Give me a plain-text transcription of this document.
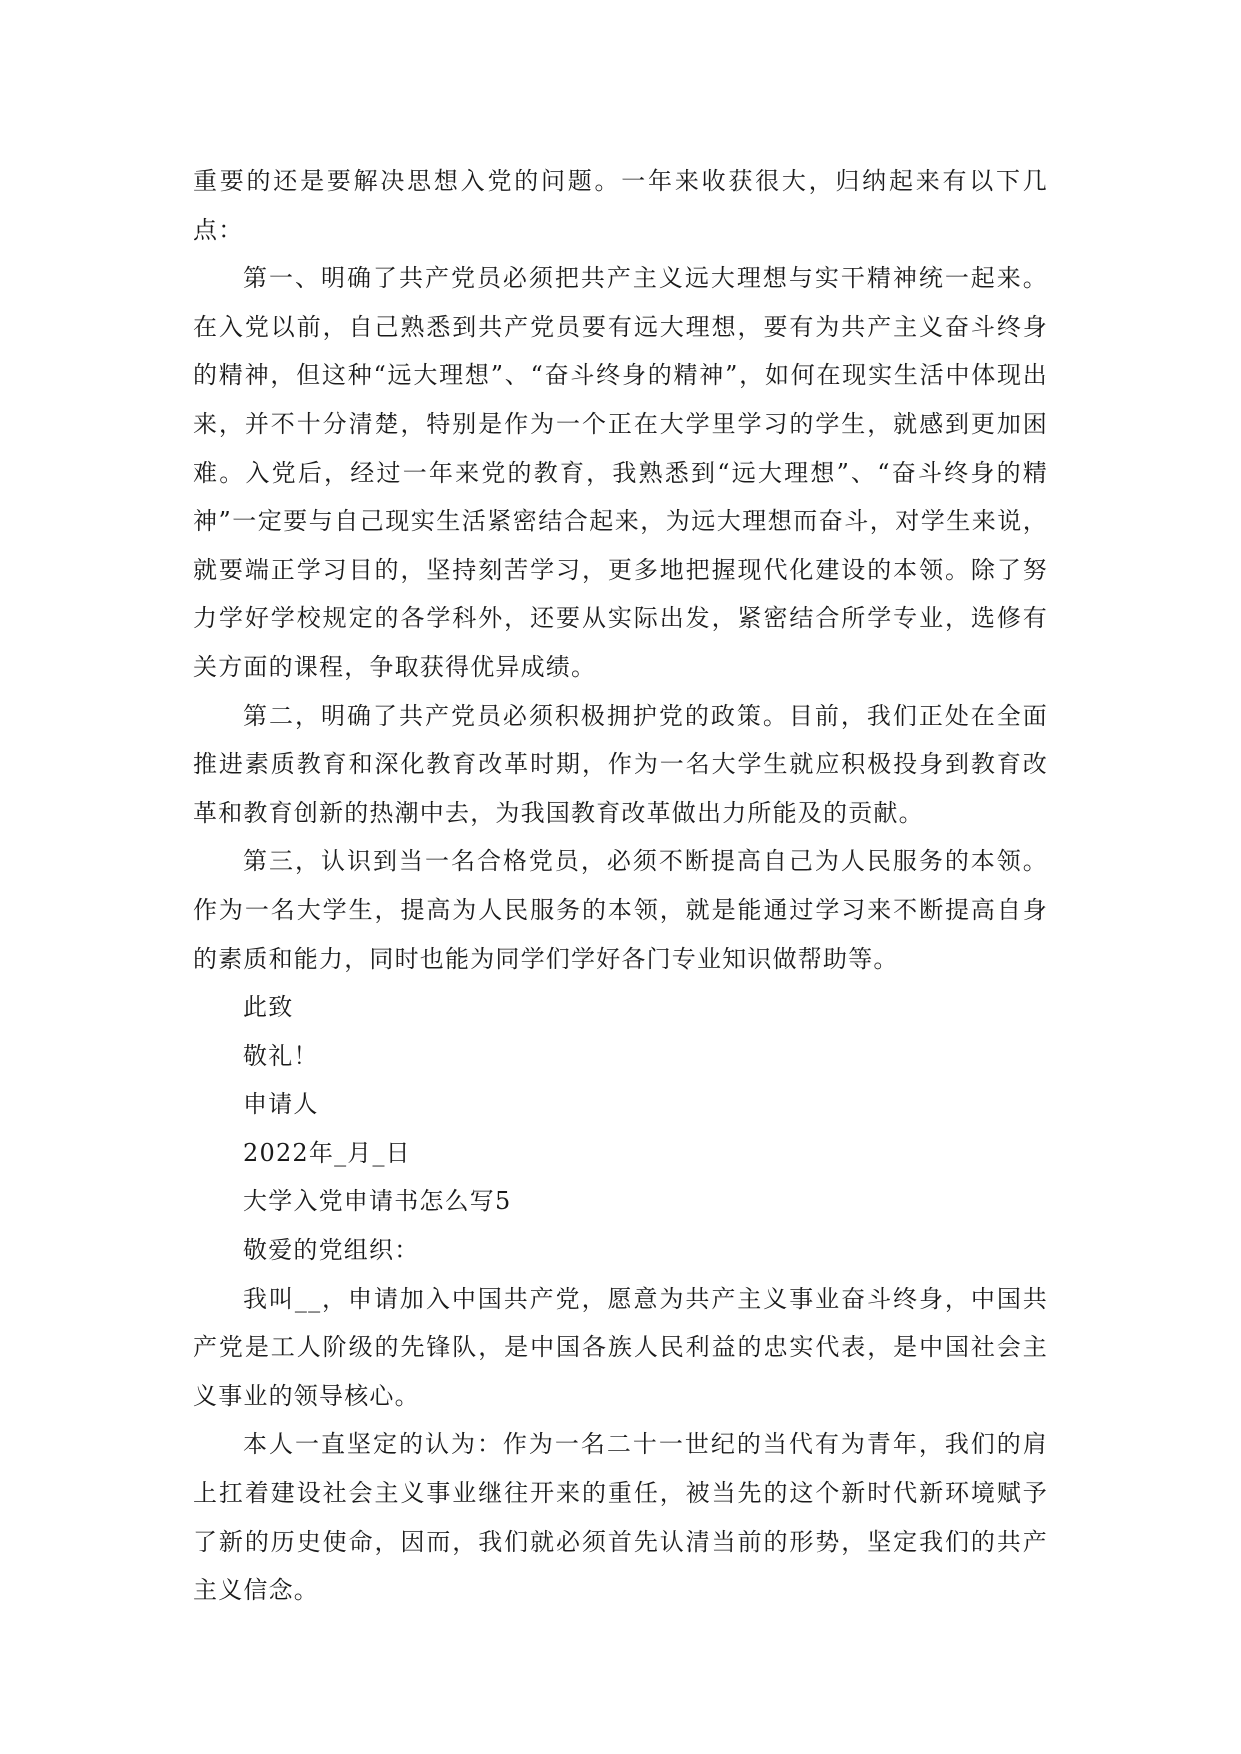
重要的还是要解决思想入党的问题。一年来收获很大，归纳起来有以下几点：

第一、明确了共产党员必须把共产主义远大理想与实干精神统一起来。在入党以前，自己熟悉到共产党员要有远大理想，要有为共产主义奋斗终身的精神，但这种“远大理想”、“奋斗终身的精神”，如何在现实生活中体现出来，并不十分清楚，特别是作为一个正在大学里学习的学生，就感到更加困难。入党后，经过一年来党的教育，我熟悉到“远大理想”、“奋斗终身的精神”一定要与自己现实生活紧密结合起来，为远大理想而奋斗，对学生来说，就要端正学习目的，坚持刻苦学习，更多地把握现代化建设的本领。除了努力学好学校规定的各学科外，还要从实际出发，紧密结合所学专业，选修有关方面的课程，争取获得优异成绩。

第二，明确了共产党员必须积极拥护党的政策。目前，我们正处在全面推进素质教育和深化教育改革时期，作为一名大学生就应积极投身到教育改革和教育创新的热潮中去，为我国教育改革做出力所能及的贡献。

第三，认识到当一名合格党员，必须不断提高自己为人民服务的本领。作为一名大学生，提高为人民服务的本领，就是能通过学习来不断提高自身的素质和能力，同时也能为同学们学好各门专业知识做帮助等。

此致

敬礼！

申请人

2022年_月_日

大学入党申请书怎么写5

敬爱的党组织：

我叫__，申请加入中国共产党，愿意为共产主义事业奋斗终身，中国共产党是工人阶级的先锋队，是中国各族人民利益的忠实代表，是中国社会主义事业的领导核心。

本人一直坚定的认为：作为一名二十一世纪的当代有为青年，我们的肩上扛着建设社会主义事业继往开来的重任，被当先的这个新时代新环境赋予了新的历史使命，因而，我们就必须首先认清当前的形势，坚定我们的共产主义信念。
